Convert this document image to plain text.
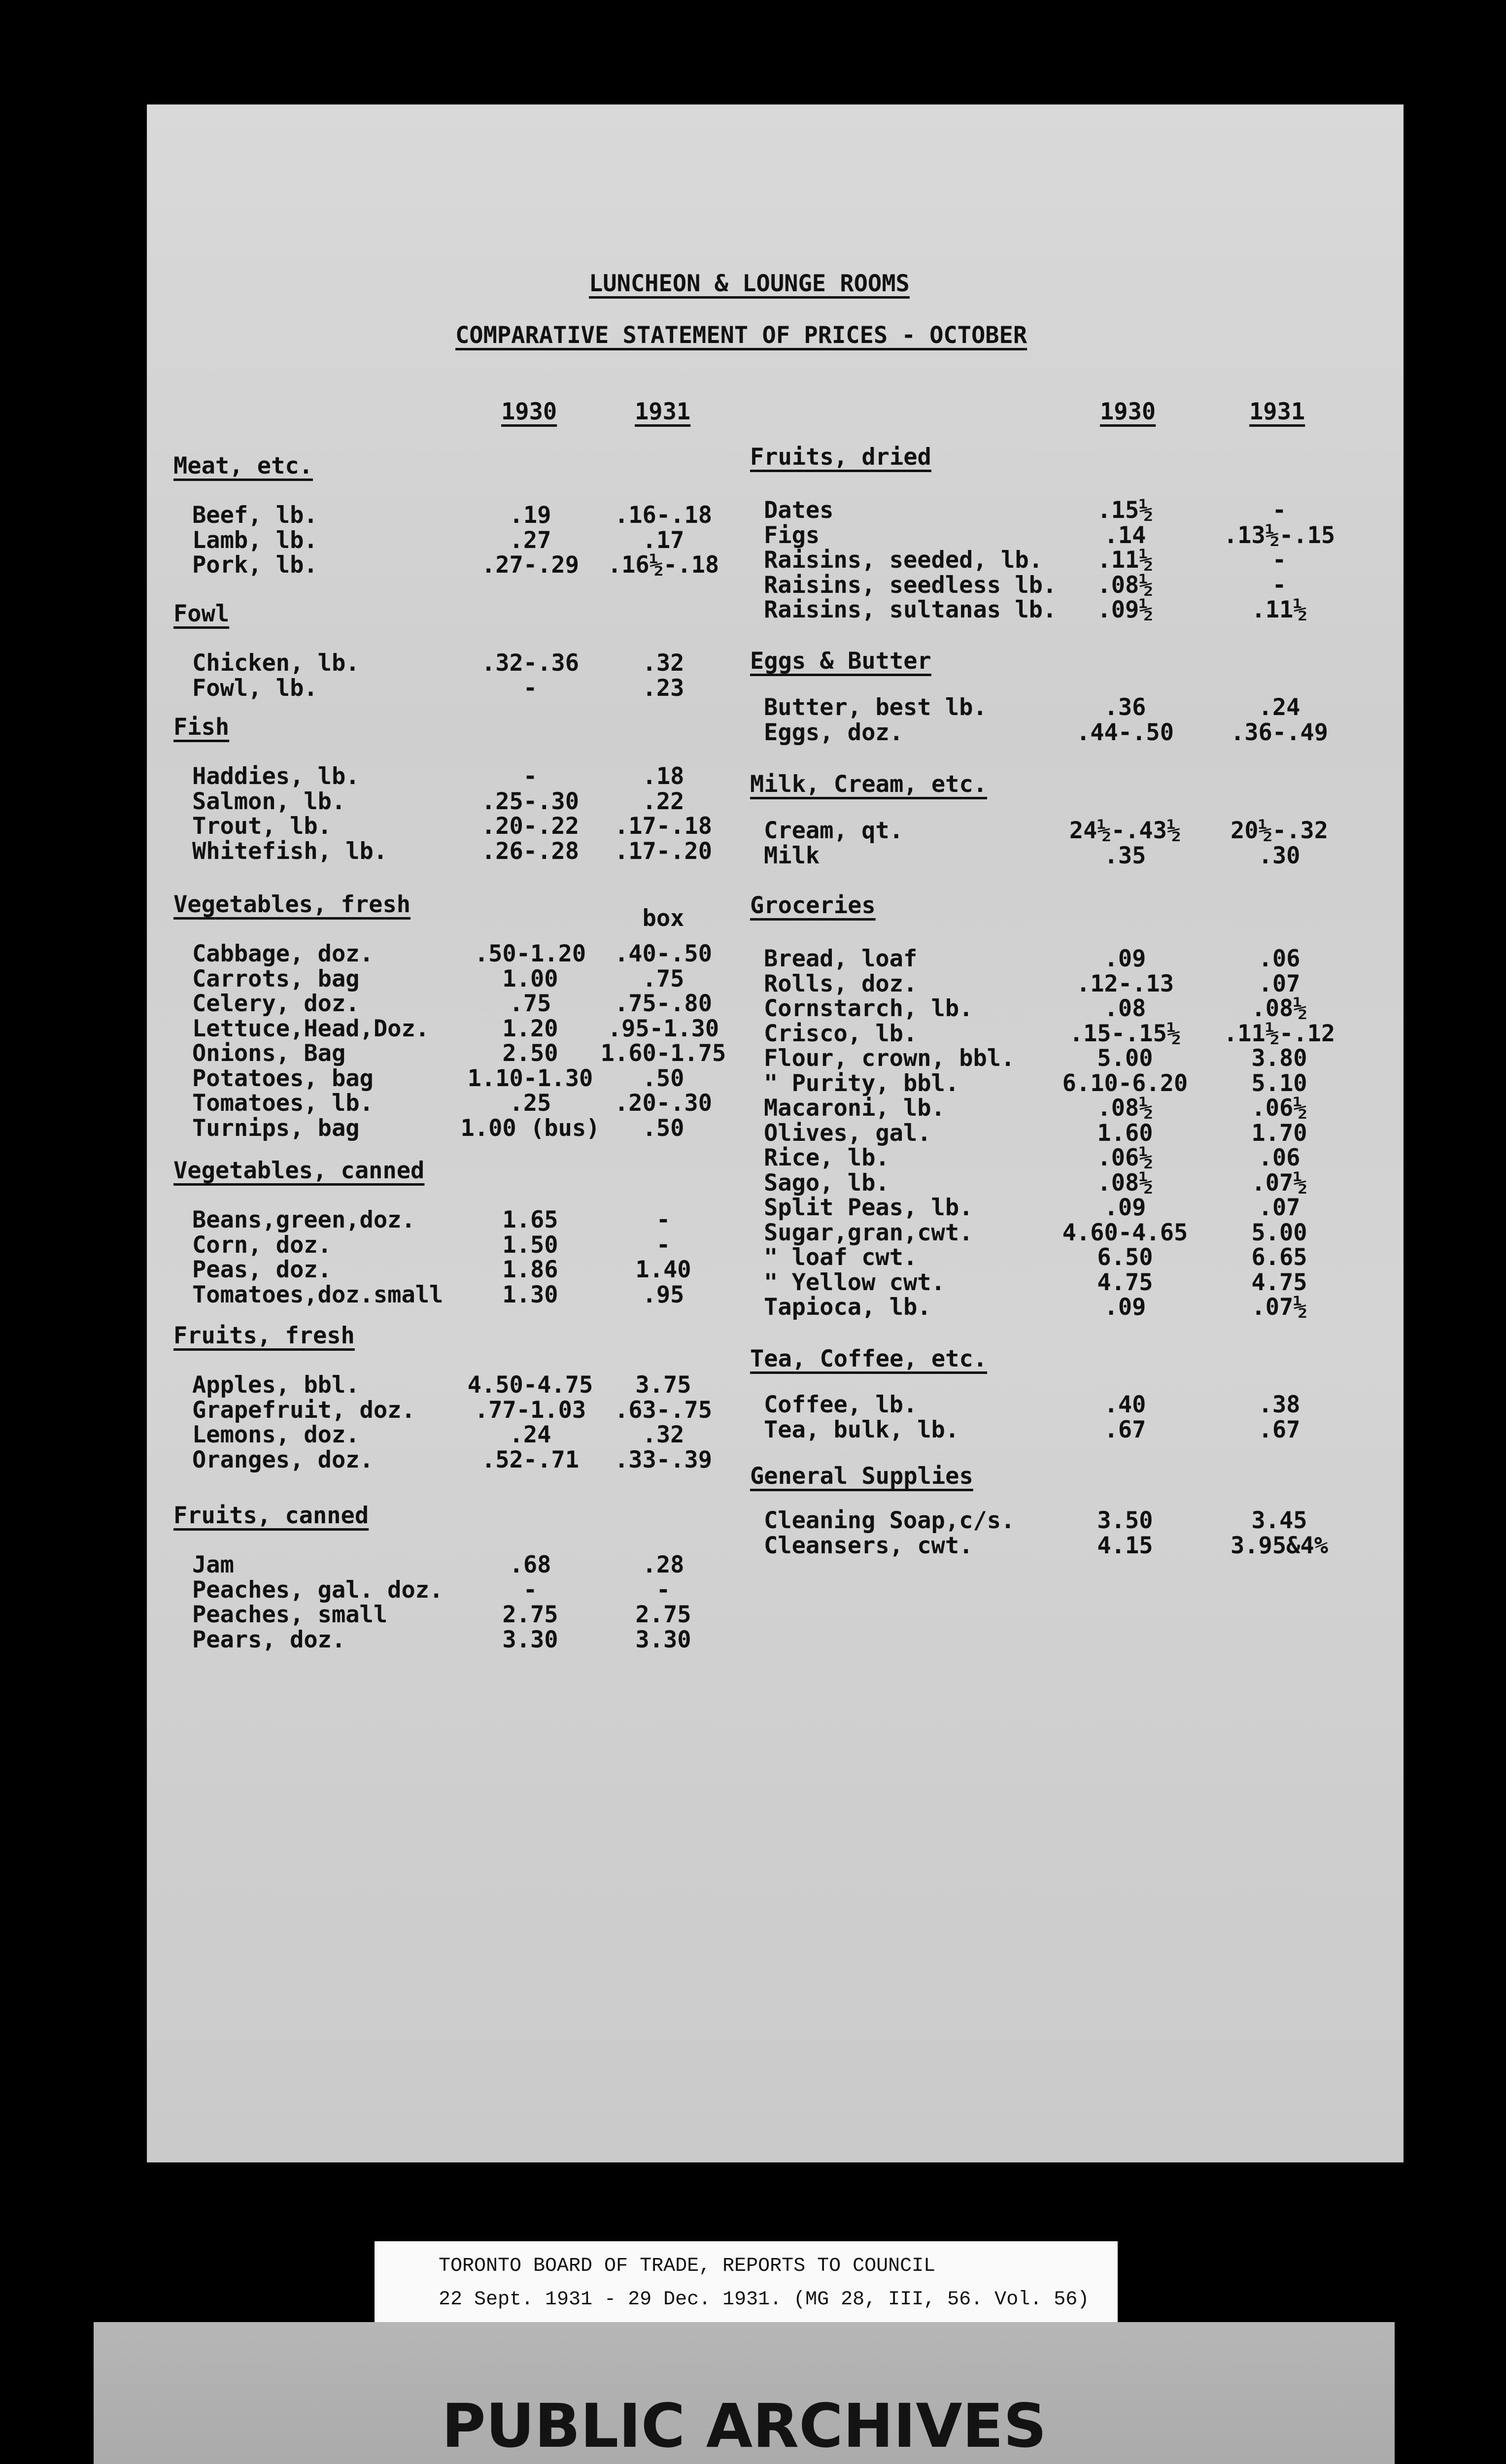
LUNCHEON & LOUNGE ROOMS
COMPARATIVE STATEMENT OF PRICES - OCTOBER
1930	1931	1930	1931
Meat, etc.
Beef, lb.	.19	.16-.18
Lamb, lb.	.27	.17
Pork, lb.	.27-.29	.16½-.18
Fowl
Chicken, lb.	.32-.36	.32
Fowl, lb.	-	.23
Fish
Haddies, lb.	-	.18
Salmon, lb.	.25-.30	.22
Trout, lb.	.20-.22	.17-.18
Whitefish, lb.	.26-.28	.17-.20
Vegetables, fresh
box
Cabbage, doz.	.50-1.20	.40-.50
Carrots, bag	1.00	.75
Celery, doz.	.75	.75-.80
Lettuce,Head,Doz.	1.20	.95-1.30
Onions, Bag	2.50	1.60-1.75
Potatoes, bag	1.10-1.30	.50
Tomatoes, lb.	.25	.20-.30
Turnips, bag	1.00 (bus)	.50
Vegetables, canned
Beans,green,doz.	1.65	-
Corn, doz.	1.50	-
Peas, doz.	1.86	1.40
Tomatoes,doz.small	1.30	.95
Fruits, fresh
Apples, bbl.	4.50-4.75	3.75
Grapefruit, doz.	.77-1.03	.63-.75
Lemons, doz.	.24	.32
Oranges, doz.	.52-.71	.33-.39
Fruits, canned
Jam	.68	.28
Peaches, gal. doz.	-	-
Peaches, small	2.75	2.75
Pears, doz.	3.30	3.30
Fruits, dried
Dates	.15½	-
Figs	.14	.13½-.15
Raisins, seeded, lb.	.11½	-
Raisins, seedless lb.	.08½	-
Raisins, sultanas lb.	.09½	.11½
Eggs & Butter
Butter, best lb.	.36	.24
Eggs, doz.	.44-.50	.36-.49
Milk, Cream, etc.
Cream, qt.	24½-.43½	20½-.32
Milk	.35	.30
Groceries
Bread, loaf	.09	.06
Rolls, doz.	.12-.13	.07
Cornstarch, lb.	.08	.08½
Crisco, lb.	.15-.15½	.11½-.12
Flour, crown, bbl.	5.00	3.80
" Purity, bbl.	6.10-6.20	5.10
Macaroni, lb.	.08½	.06½
Olives, gal.	1.60	1.70
Rice, lb.	.06½	.06
Sago, lb.	.08½	.07½
Split Peas, lb.	.09	.07
Sugar,gran,cwt.	4.60-4.65	5.00
" loaf cwt.	6.50	6.65
" Yellow cwt.	4.75	4.75
Tapioca, lb.	.09	.07½
Tea, Coffee, etc.
Coffee, lb.	.40	.38
Tea, bulk, lb.	.67	.67
General Supplies
Cleaning Soap,c/s.	3.50	3.45
Cleansers, cwt.	4.15	3.95&4%
TORONTO BOARD OF TRADE, REPORTS TO COUNCIL
22 Sept. 1931 - 29 Dec. 1931. (MG 28, III, 56. Vol. 56)
PUBLIC ARCHIVES
